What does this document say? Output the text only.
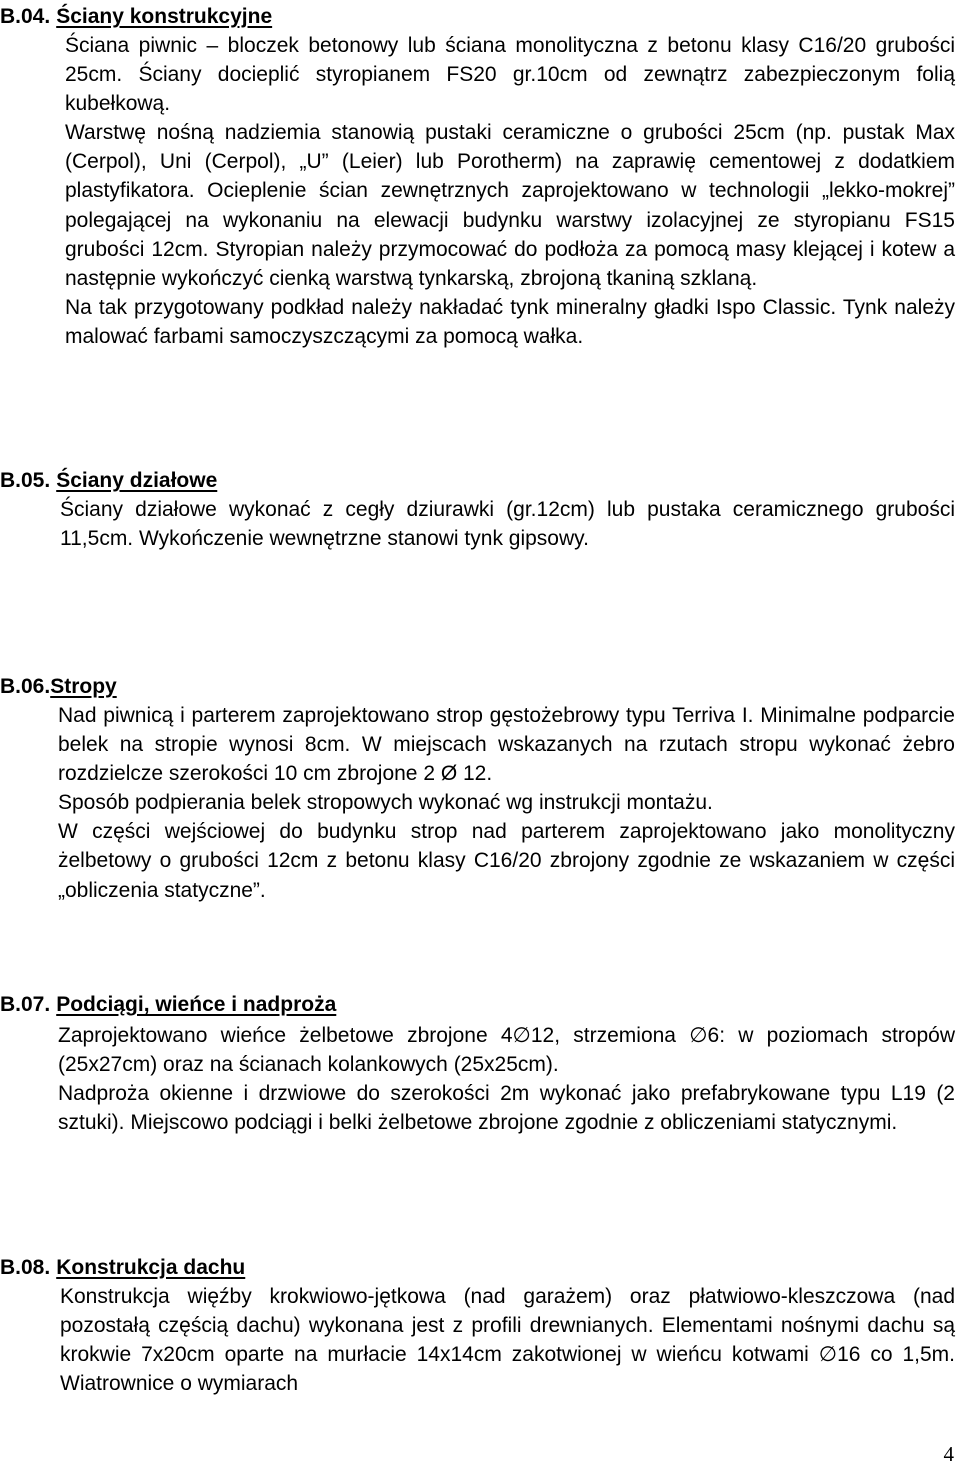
B.04. Ściany konstrukcyjne

Ściana piwnic – bloczek betonowy lub ściana monolityczna z betonu klasy C16/20 grubości 25cm. Ściany docieplić styropianem FS20 gr.10cm od zewnątrz zabezpieczonym folią kubełkową.

Warstwę nośną nadziemia stanowią pustaki ceramiczne o grubości 25cm (np. pustak Max (Cerpol), Uni (Cerpol), „U” (Leier) lub Porotherm) na zaprawię cementowej z dodatkiem plastyfikatora. Ocieplenie ścian zewnętrznych zaprojektowano w technologii „lekko-mokrej” polegającej na wykonaniu na elewacji budynku warstwy izolacyjnej ze styropianu FS15 grubości 12cm. Styropian należy przymocować do podłoża za pomocą masy klejącej i kotew a następnie wykończyć cienką warstwą tynkarską, zbrojoną tkaniną szklaną.

Na tak przygotowany podkład należy nakładać tynk mineralny gładki Ispo Classic. Tynk należy malować farbami samoczyszczącymi za pomocą wałka.

B.05. Ściany działowe

Ściany działowe wykonać z cegły dziurawki (gr.12cm) lub pustaka ceramicznego grubości 11,5cm. Wykończenie wewnętrzne stanowi tynk gipsowy.

B.06.Stropy

Nad piwnicą i parterem zaprojektowano strop gęstożebrowy typu Terriva I. Minimalne podparcie belek na stropie wynosi 8cm. W miejscach wskazanych na rzutach stropu wykonać żebro rozdzielcze szerokości 10 cm zbrojone 2 Ø 12.

Sposób podpierania belek stropowych wykonać wg instrukcji montażu.

W części wejściowej do budynku strop nad parterem zaprojektowano jako monolityczny żelbetowy o grubości 12cm z betonu klasy C16/20 zbrojony zgodnie ze wskazaniem w części „obliczenia statyczne”.

B.07. Podciągi, wieńce i nadproża

Zaprojektowano wieńce żelbetowe zbrojone 4∅12, strzemiona ∅6: w poziomach stropów (25x27cm) oraz na ścianach kolankowych (25x25cm).

Nadproża okienne i drzwiowe do szerokości 2m wykonać jako prefabrykowane typu L19 (2 sztuki). Miejscowo podciągi i belki żelbetowe zbrojone zgodnie z obliczeniami statycznymi.

B.08. Konstrukcja dachu

Konstrukcja więźby krokwiowo-jętkowa (nad garażem) oraz płatwiowo-kleszczowa (nad pozostałą częścią dachu) wykonana jest z profili drewnianych. Elementami nośnymi dachu są krokwie 7x20cm oparte na murłacie 14x14cm zakotwionej w wieńcu kotwami ∅16 co 1,5m. Wiatrownice o wymiarach

4
